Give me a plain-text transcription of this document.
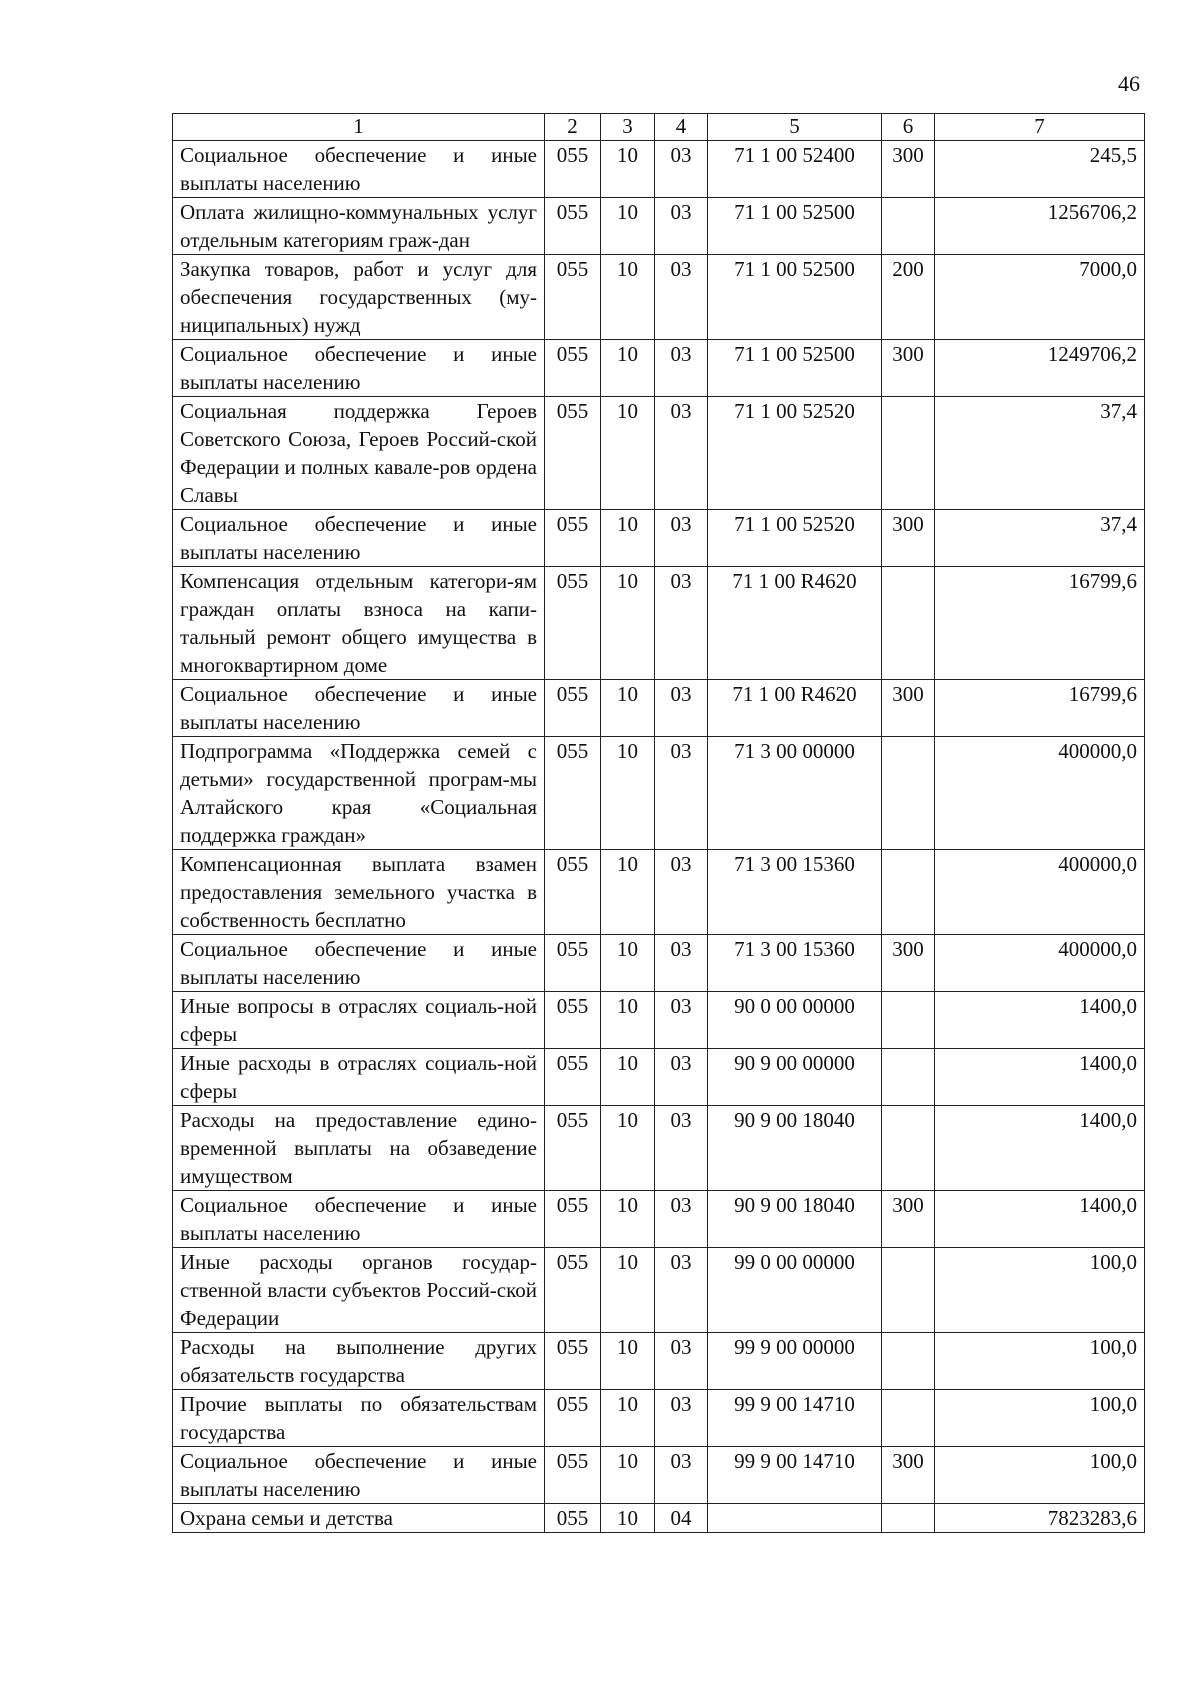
46
1	2	3	4	5	6	7
Социальное обеспечение и иные выплаты населению	055	10	03	71 1 00 52400	300	245,5
Оплата жилищно-коммунальных услуг отдельным категориям граж-дан	055	10	03	71 1 00 52500		1256706,2
Закупка товаров, работ и услуг для обеспечения государственных (му-ниципальных) нужд	055	10	03	71 1 00 52500	200	7000,0
Социальное обеспечение и иные выплаты населению	055	10	03	71 1 00 52500	300	1249706,2
Социальная поддержка Героев Советского Союза, Героев Россий-ской Федерации и полных кавале-ров ордена Славы	055	10	03	71 1 00 52520		37,4
Социальное обеспечение и иные выплаты населению	055	10	03	71 1 00 52520	300	37,4
Компенсация отдельным категори-ям граждан оплаты взноса на капи-тальный ремонт общего имущества в многоквартирном доме	055	10	03	71 1 00 R4620		16799,6
Социальное обеспечение и иные выплаты населению	055	10	03	71 1 00 R4620	300	16799,6
Подпрограмма «Поддержка семей с детьми» государственной програм-мы Алтайского края «Социальная поддержка граждан»	055	10	03	71 3 00 00000		400000,0
Компенсационная выплата взамен предоставления земельного участка в собственность бесплатно	055	10	03	71 3 00 15360		400000,0
Социальное обеспечение и иные выплаты населению	055	10	03	71 3 00 15360	300	400000,0
Иные вопросы в отраслях социаль-ной сферы	055	10	03	90 0 00 00000		1400,0
Иные расходы в отраслях социаль-ной сферы	055	10	03	90 9 00 00000		1400,0
Расходы на предоставление едино-временной выплаты на обзаведение имуществом	055	10	03	90 9 00 18040		1400,0
Социальное обеспечение и иные выплаты населению	055	10	03	90 9 00 18040	300	1400,0
Иные расходы органов государ-ственной власти субъектов Россий-ской Федерации	055	10	03	99 0 00 00000		100,0
Расходы на выполнение других обязательств государства	055	10	03	99 9 00 00000		100,0
Прочие выплаты по обязательствам государства	055	10	03	99 9 00 14710		100,0
Социальное обеспечение и иные выплаты населению	055	10	03	99 9 00 14710	300	100,0
Охрана семьи и детства	055	10	04			7823283,6
